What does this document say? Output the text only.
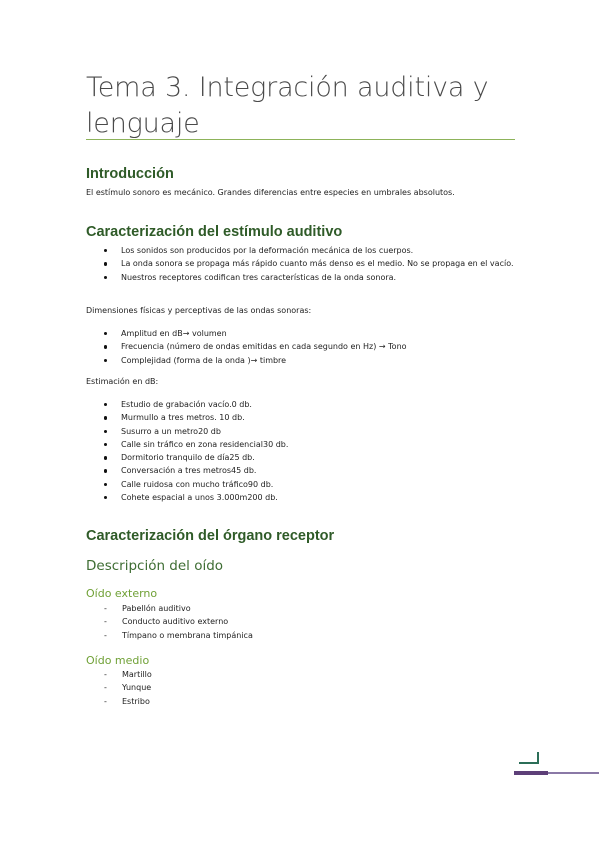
Tema 3. Integración auditiva y lenguaje
Introducción
El estímulo sonoro es mecánico. Grandes diferencias entre especies en umbrales absolutos.
Caracterización del estímulo auditivo
Los sonidos son producidos por la deformación mecánica de los cuerpos.
La onda sonora se propaga más rápido cuanto más denso es el medio. No se propaga en el vacío.
Nuestros receptores codifican tres características de la onda sonora.
Dimensiones físicas y perceptivas de las ondas sonoras:
Amplitud en dB→ volumen
Frecuencia (número de ondas emitidas en cada segundo en Hz) → Tono
Complejidad (forma de la onda )→ timbre
Estimación en dB:
Estudio de grabación vacío.0 db.
Murmullo a tres metros. 10 db.
Susurro a un metro20 db
Calle sin tráfico en zona residencial30 db.
Dormitorio tranquilo de día25 db.
Conversación a tres metros45 db.
Calle ruidosa con mucho tráfico90 db.
Cohete espacial a unos 3.000m200 db.
Caracterización del órgano receptor
Descripción del oído
Oído externo
- Pabellón auditivo
- Conducto auditivo externo
- Tímpano o membrana timpánica
Oído medio
- Martillo
- Yunque
- Estribo
